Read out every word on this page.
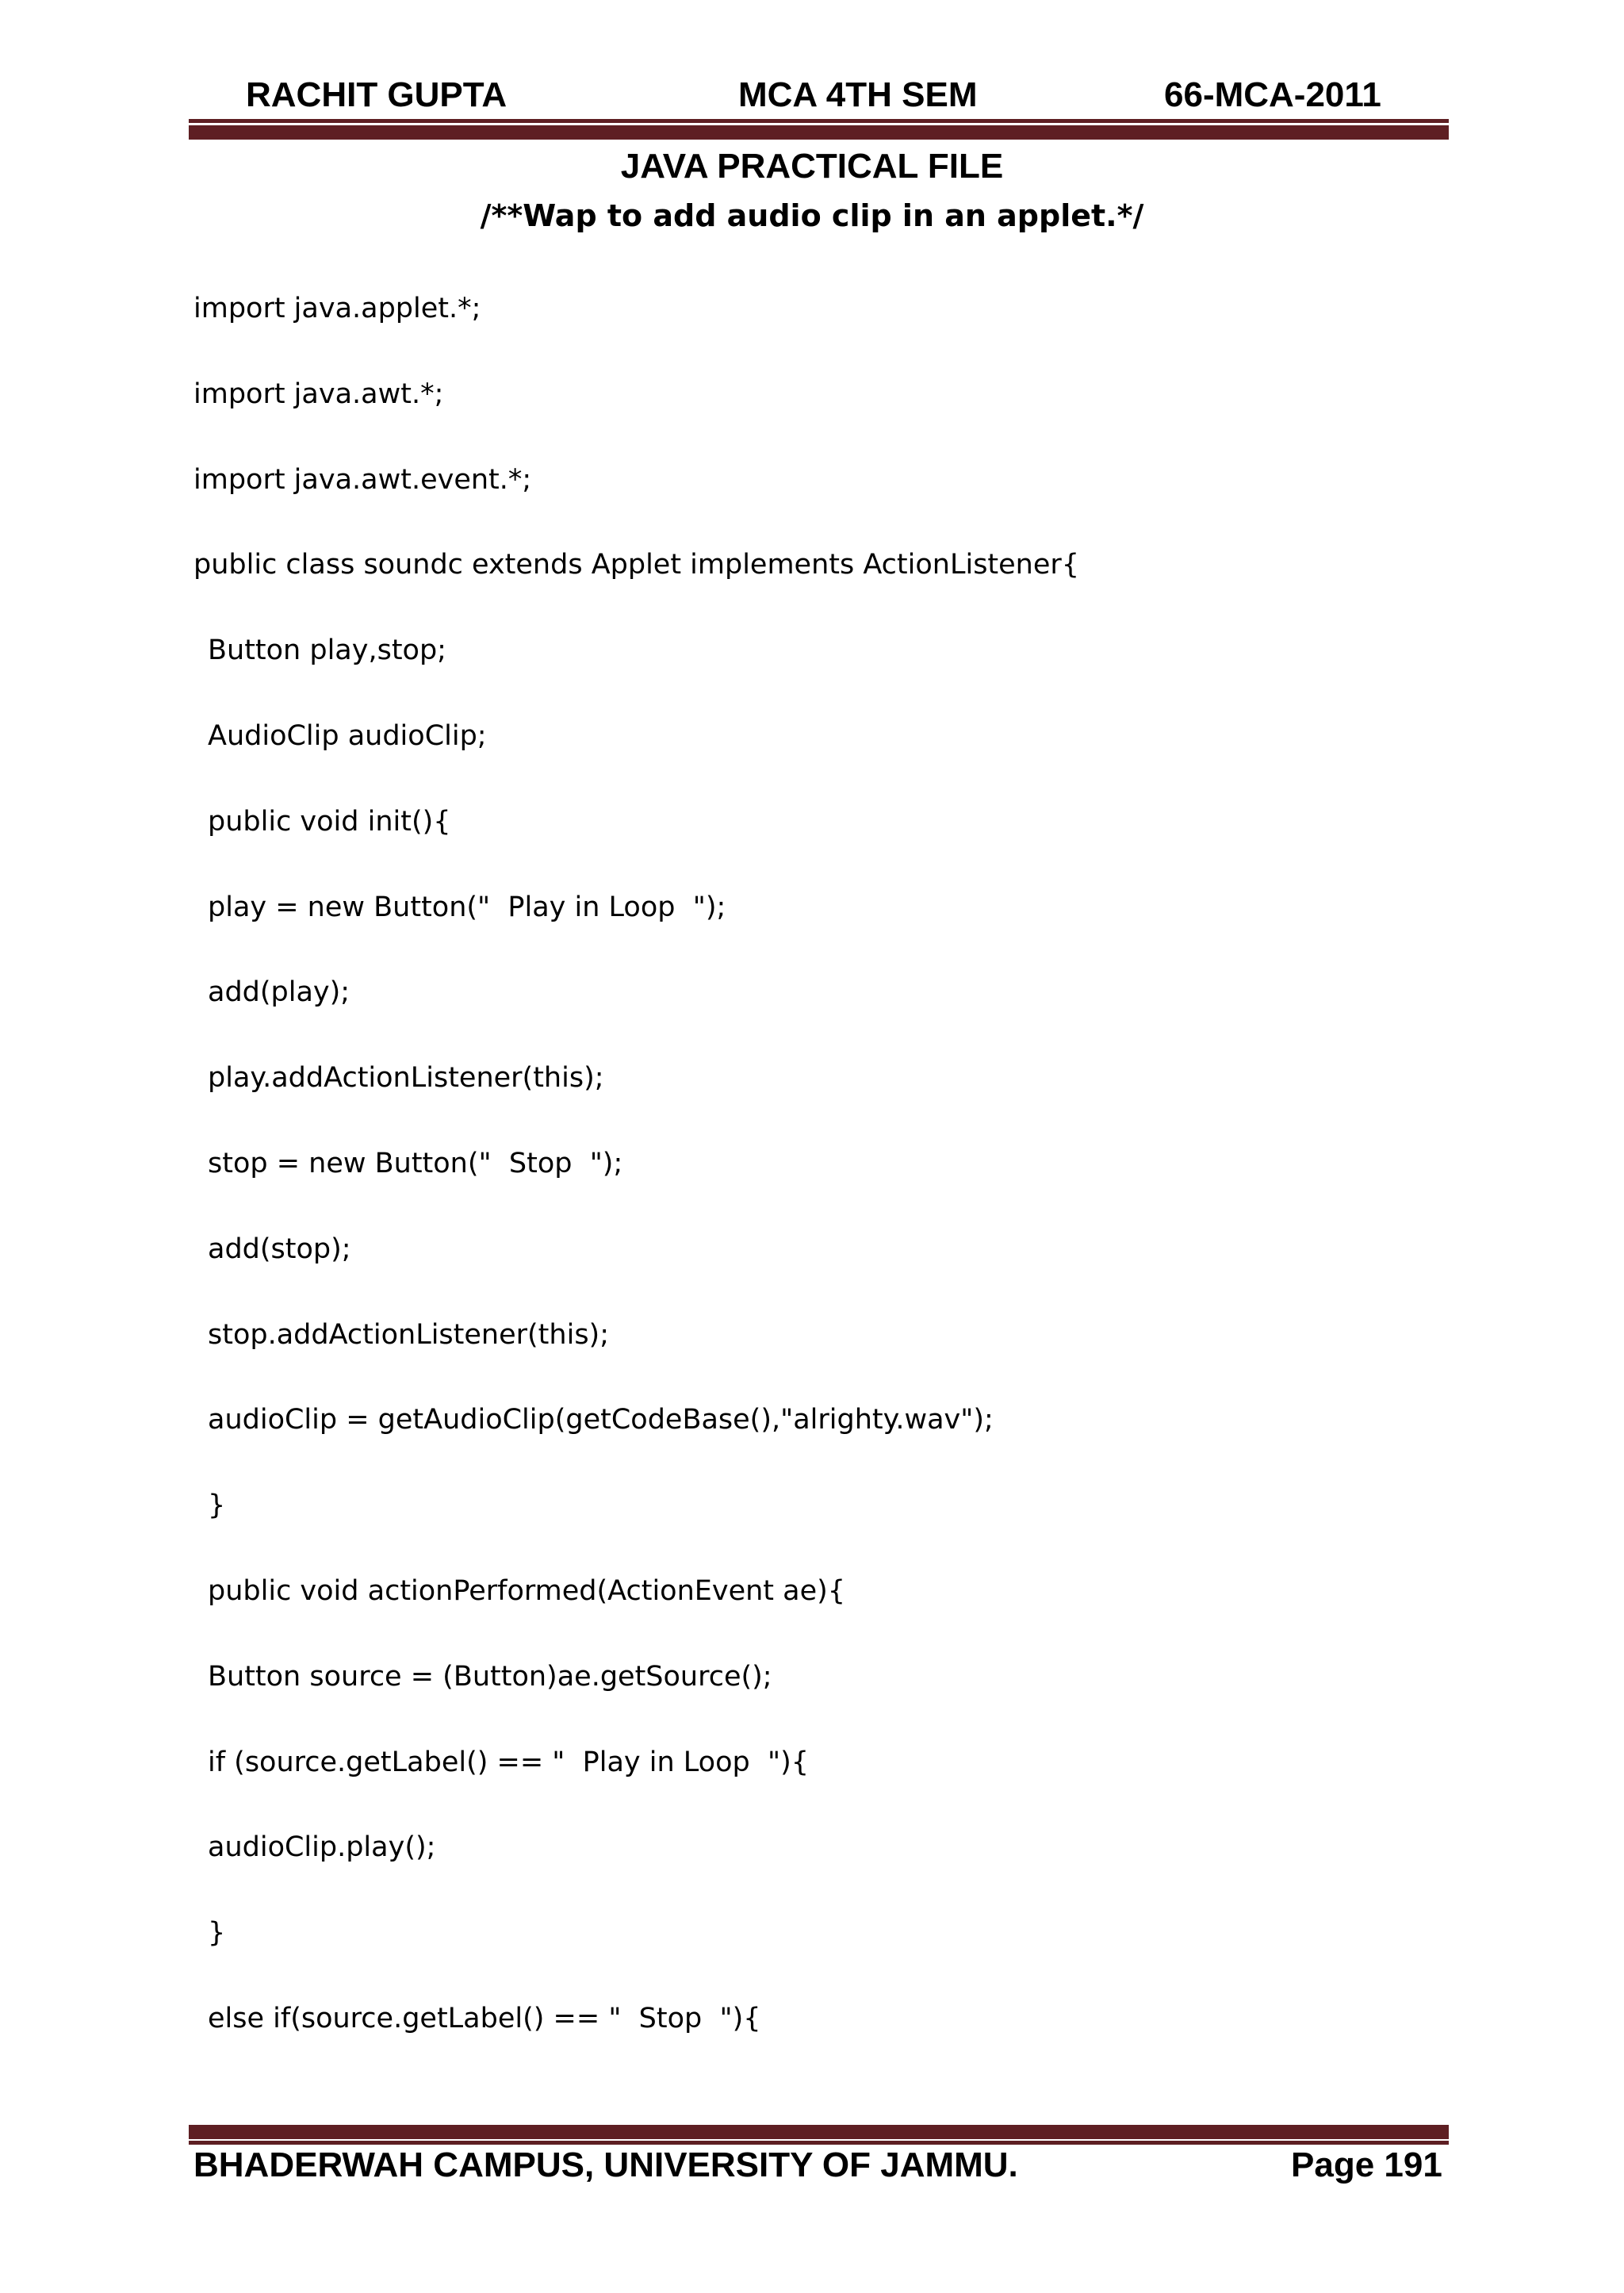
RACHIT GUPTA	MCA 4TH SEM	66-MCA-2011
JAVA PRACTICAL FILE
/**Wap to add audio clip in an applet.*/
import java.applet.*;
import java.awt.*;
import java.awt.event.*;
public class soundc extends Applet implements ActionListener{
Button play,stop;
AudioClip audioClip;
public void init(){
play = new Button("  Play in Loop  ");
add(play);
play.addActionListener(this);
stop = new Button("  Stop  ");
add(stop);
stop.addActionListener(this);
audioClip = getAudioClip(getCodeBase(),"alrighty.wav");
}
public void actionPerformed(ActionEvent ae){
Button source = (Button)ae.getSource();
if (source.getLabel() == "  Play in Loop  "){
audioClip.play();
}
else if(source.getLabel() == "  Stop  "){
BHADERWAH CAMPUS, UNIVERSITY OF JAMMU.	Page 191
